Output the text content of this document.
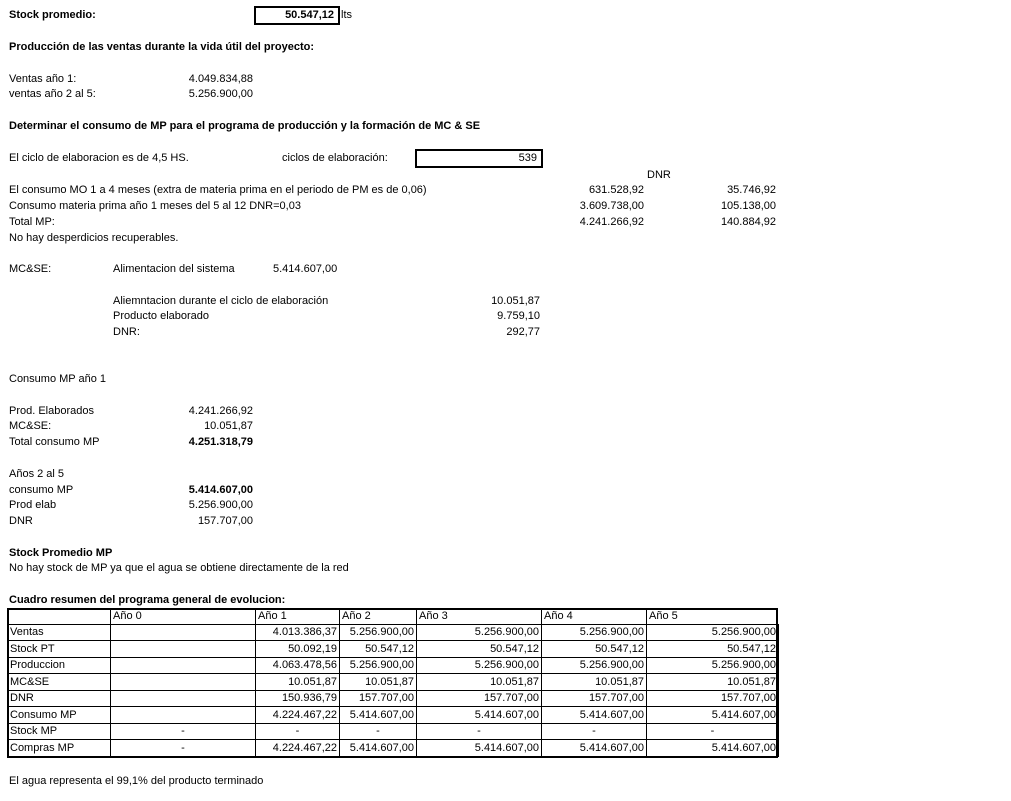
Stock promedio:	50.547,12 lts
Producción de las ventas durante la vida útil del proyecto:
Ventas año 1:	4.049.834,88
ventas año 2 al 5:	5.256.900,00
Determinar el consumo de MP para el programa de producción y la formación de MC & SE
El ciclo de elaboracion es de 4,5 HS.	ciclos de elaboración:	539
DNR
El consumo MO 1 a 4 meses (extra de materia prima en el periodo de PM es de 0,06)	631.528,92	35.746,92
Consumo materia prima año 1 meses del 5 al 12 DNR=0,03	3.609.738,00	105.138,00
Total MP:	4.241.266,92	140.884,92
No hay desperdicios recuperables.
MC&SE:	Alimentacion del sistema	5.414.607,00
Aliemntacion durante el ciclo de elaboración	10.051,87
Producto elaborado	9.759,10
DNR:	292,77
Consumo MP año 1
Prod. Elaborados	4.241.266,92
MC&SE:	10.051,87
Total consumo MP	4.251.318,79
Años 2 al 5
consumo MP	5.414.607,00
Prod elab	5.256.900,00
DNR	157.707,00
Stock Promedio MP
No hay stock de MP ya que el agua se obtiene directamente de la red
Cuadro resumen del programa general de evolucion:
	Año 0	Año 1	Año 2	Año 3	Año 4	Año 5
Ventas		4.013.386,37	5.256.900,00	5.256.900,00	5.256.900,00	5.256.900,00
Stock PT		50.092,19	50.547,12	50.547,12	50.547,12	50.547,12
Produccion		4.063.478,56	5.256.900,00	5.256.900,00	5.256.900,00	5.256.900,00
MC&SE		10.051,87	10.051,87	10.051,87	10.051,87	10.051,87
DNR		150.936,79	157.707,00	157.707,00	157.707,00	157.707,00
Consumo MP		4.224.467,22	5.414.607,00	5.414.607,00	5.414.607,00	5.414.607,00
Stock MP	-	-	-	-	-	-
Compras MP	-	4.224.467,22	5.414.607,00	5.414.607,00	5.414.607,00	5.414.607,00
El agua representa el 99,1% del producto terminado
